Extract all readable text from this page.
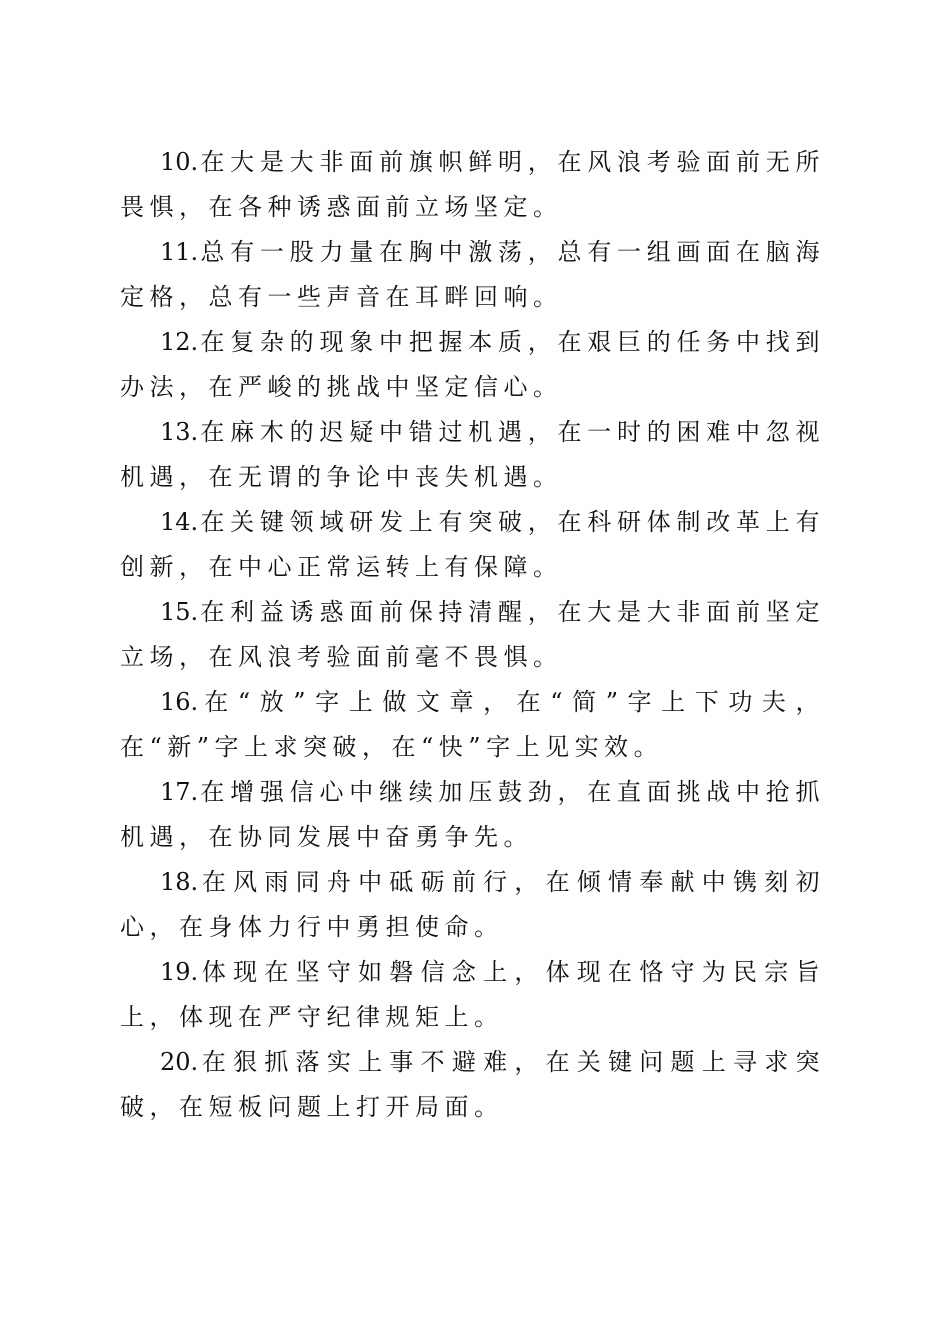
10.在大是大非面前旗帜鲜明，在风浪考验面前无所畏惧，在各种诱惑面前立场坚定。

11.总有一股力量在胸中激荡，总有一组画面在脑海定格，总有一些声音在耳畔回响。

12.在复杂的现象中把握本质，在艰巨的任务中找到办法，在严峻的挑战中坚定信心。

13.在麻木的迟疑中错过机遇，在一时的困难中忽视机遇，在无谓的争论中丧失机遇。

14.在关键领域研发上有突破，在科研体制改革上有创新，在中心正常运转上有保障。

15.在利益诱惑面前保持清醒，在大是大非面前坚定立场，在风浪考验面前毫不畏惧。

16.在“放”字上做文章，在“简”字上下功夫，在“新”字上求突破，在“快”字上见实效。

17.在增强信心中继续加压鼓劲，在直面挑战中抢抓机遇，在协同发展中奋勇争先。

18.在风雨同舟中砥砺前行，在倾情奉献中镌刻初心，在身体力行中勇担使命。

19.体现在坚守如磐信念上，体现在恪守为民宗旨上，体现在严守纪律规矩上。

20.在狠抓落实上事不避难，在关键问题上寻求突破，在短板问题上打开局面。
